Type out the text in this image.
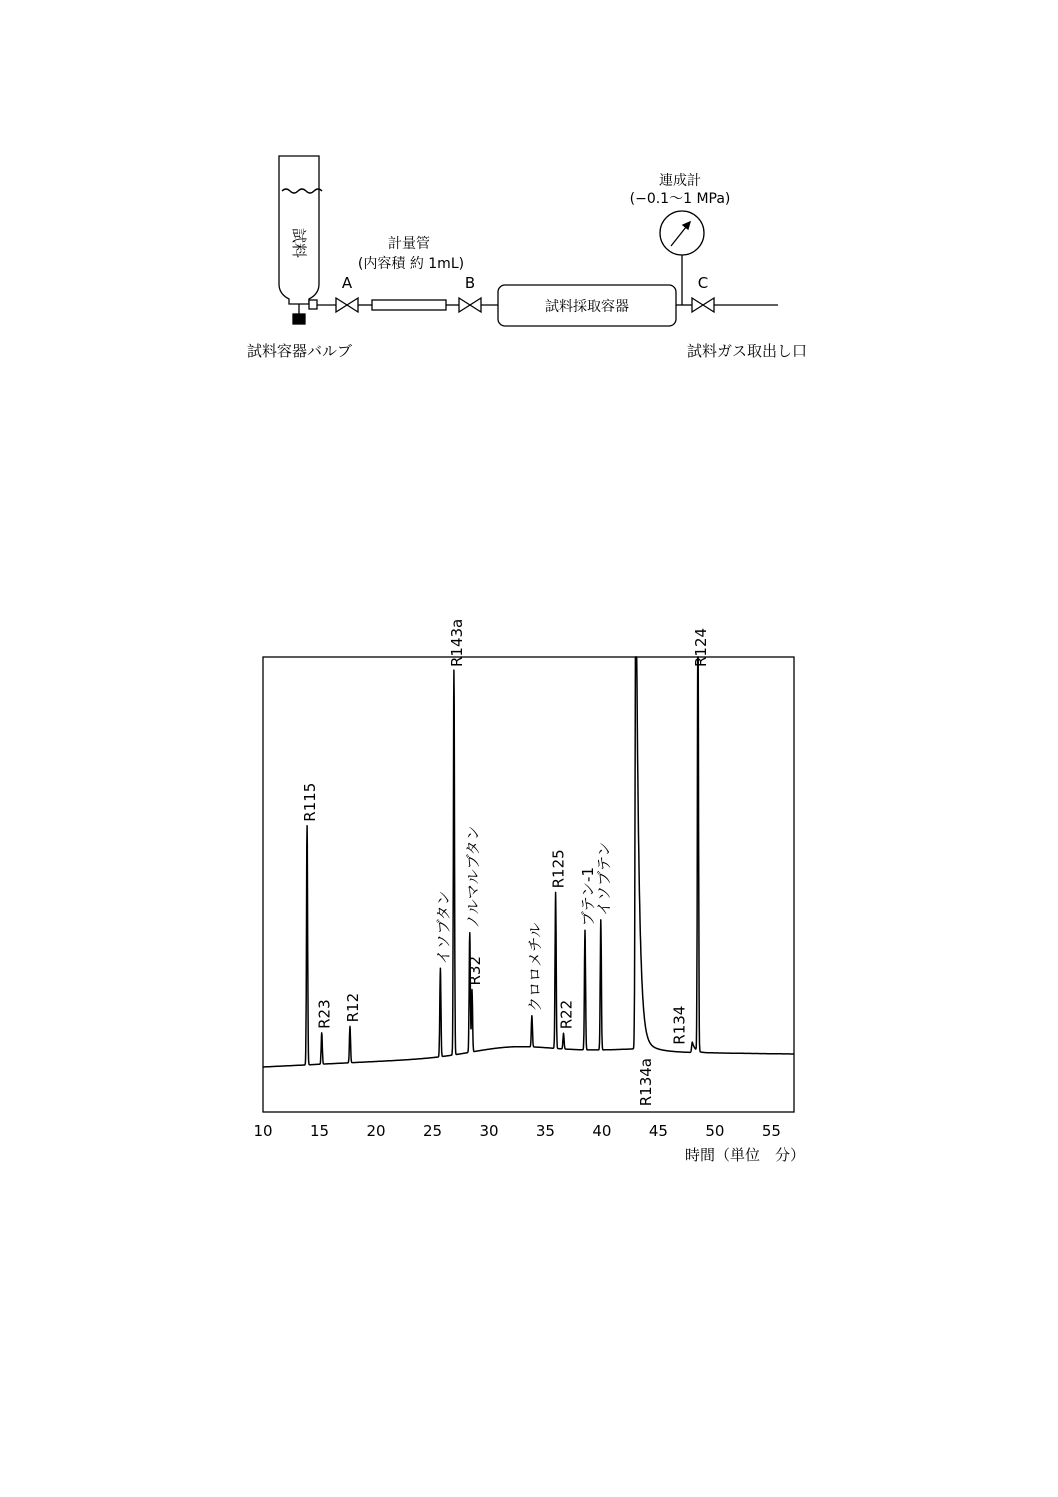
試料
A	B	C
計量管
(内容積 約 1mL)
試料採取容器
連成計
(−0.1〜1 MPa)
試料容器バルブ	試料ガス取出し口
R115
R23 R12
イソブタン
R143a
ノルマルブタン
R32	クロロメチル
R125
R22
ブテン-1
イソブテン
R134a
R134
R124
10 15 20 25 30 35 40 45 50 55
時間（単位　分）
